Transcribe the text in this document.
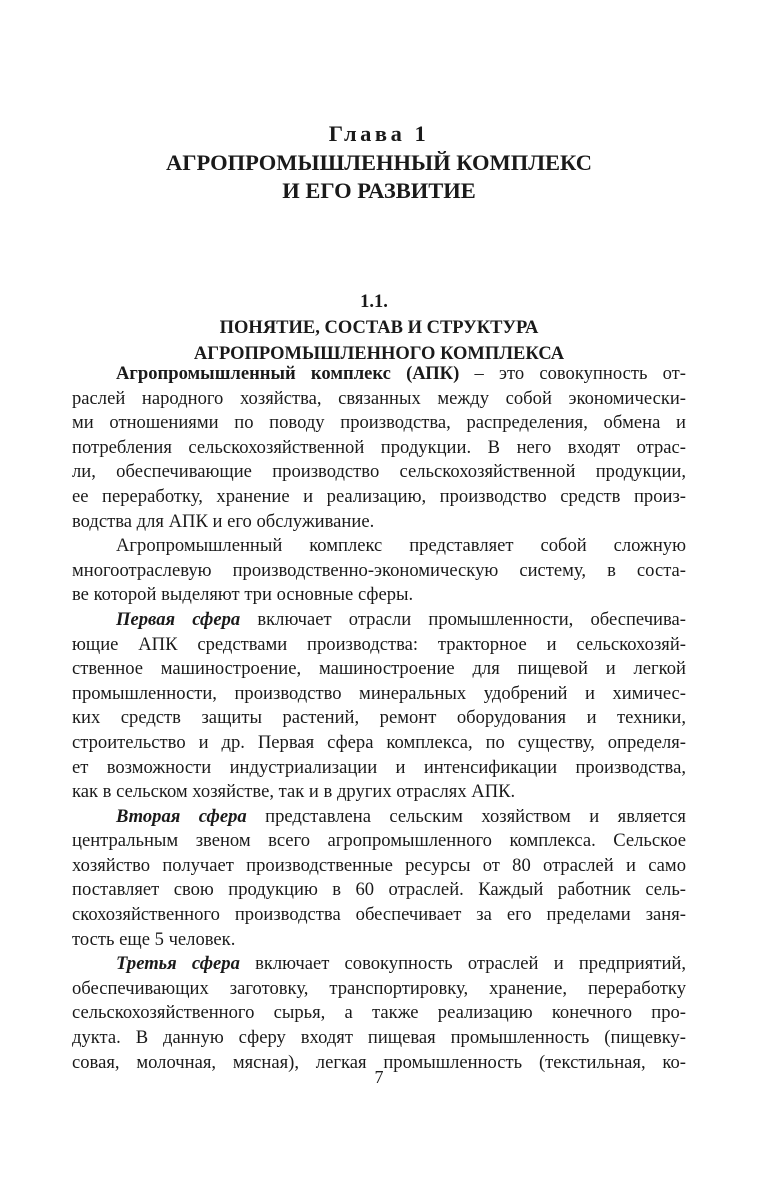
Глава 1
АГРОПРОМЫШЛЕННЫЙ КОМПЛЕКС
И ЕГО РАЗВИТИЕ
1.1.
ПОНЯТИЕ, СОСТАВ И СТРУКТУРА
АГРОПРОМЫШЛЕННОГО КОМПЛЕКСА
Агропромышленный комплекс (АПК) – это совокупность от-
раслей народного хозяйства, связанных между собой экономически-
ми отношениями по поводу производства, распределения, обмена и
потребления сельскохозяйственной продукции. В него входят отрас-
ли, обеспечивающие производство сельскохозяйственной продукции,
ее переработку, хранение и реализацию, производство средств произ-
водства для АПК и его обслуживание.
Агропромышленный комплекс представляет собой сложную
многоотраслевую производственно-экономическую систему, в соста-
ве которой выделяют три основные сферы.
Первая сфера включает отрасли промышленности, обеспечива-
ющие АПК средствами производства: тракторное и сельскохозяй-
ственное машиностроение, машиностроение для пищевой и легкой
промышленности, производство минеральных удобрений и химичес-
ких средств защиты растений, ремонт оборудования и техники,
строительство и др. Первая сфера комплекса, по существу, определя-
ет возможности индустриализации и интенсификации производства,
как в сельском хозяйстве, так и в других отраслях АПК.
Вторая сфера представлена сельским хозяйством и является
центральным звеном всего агропромышленного комплекса. Сельское
хозяйство получает производственные ресурсы от 80 отраслей и само
поставляет свою продукцию в 60 отраслей. Каждый работник сель-
скохозяйственного производства обеспечивает за его пределами заня-
тость еще 5 человек.
Третья сфера включает совокупность отраслей и предприятий,
обеспечивающих заготовку, транспортировку, хранение, переработку
сельскохозяйственного сырья, а также реализацию конечного про-
дукта. В данную сферу входят пищевая промышленность (пищевку-
совая, молочная, мясная), легкая промышленность (текстильная, ко-
7
